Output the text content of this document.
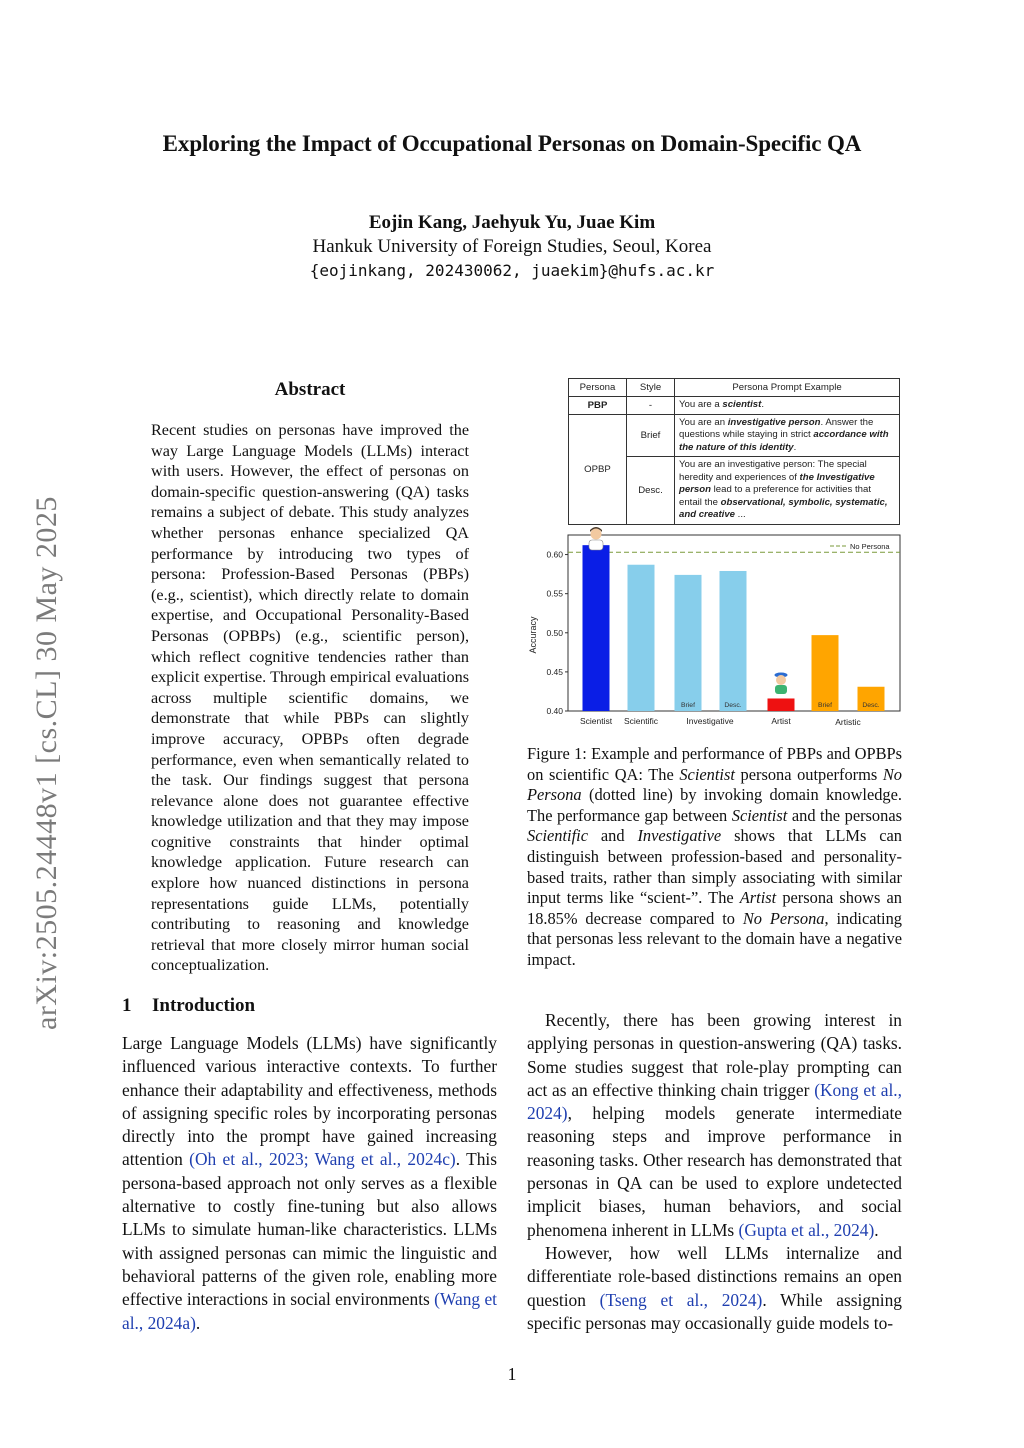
arXiv:2505.24448v1 [cs.CL] 30 May 2025
Exploring the Impact of Occupational Personas on Domain-Specific QA
Eojin Kang, Jaehyuk Yu, Juae Kim
Hankuk University of Foreign Studies, Seoul, Korea
{eojinkang, 202430062, juaekim}@hufs.ac.kr
Abstract
Recent studies on personas have improved the way Large Language Models (LLMs) interact with users. However, the effect of personas on domain-specific question-answering (QA) tasks remains a subject of debate. This study analyzes whether personas enhance specialized QA performance by introducing two types of persona: Profession-Based Personas (PBPs) (e.g., scientist), which directly relate to domain expertise, and Occupational Personality-Based Personas (OPBPs) (e.g., scientific person), which reflect cognitive tendencies rather than explicit expertise. Through empirical evaluations across multiple scientific domains, we demonstrate that while PBPs can slightly improve accuracy, OPBPs often degrade performance, even when semantically related to the task. Our findings suggest that persona relevance alone does not guarantee effective knowledge utilization and that they may impose cognitive constraints that hinder optimal knowledge application. Future research can explore how nuanced distinctions in persona representations guide LLMs, potentially contributing to reasoning and knowledge retrieval that more closely mirror human social conceptualization.
1 Introduction
Large Language Models (LLMs) have significantly influenced various interactive contexts. To further enhance their adaptability and effectiveness, methods of assigning specific roles by incorporating personas directly into the prompt have gained increasing attention (Oh et al., 2023; Wang et al., 2024c). This persona-based approach not only serves as a flexible alternative to costly fine-tuning but also allows LLMs to simulate human-like characteristics. LLMs with assigned personas can mimic the linguistic and behavioral patterns of the given role, enabling more effective interactions in social environments (Wang et al., 2024a).

Recently, there has been growing interest in applying personas in question-answering (QA) tasks. Some studies suggest that role-play prompting can act as an effective thinking chain trigger (Kong et al., 2024), helping models generate intermediate reasoning steps and improve performance in reasoning tasks. Other research has demonstrated that personas in QA can be used to explore undetected implicit biases, human behaviors, and social phenomena inherent in LLMs (Gupta et al., 2024).

However, how well LLMs internalize and differentiate role-based distinctions remains an open question (Tseng et al., 2024). While assigning specific personas may occasionally guide models to-

Persona	Style	Persona Prompt Example
PBP	-	You are a scientist.
OPBP	Brief	You are an investigative person. Answer the questions while staying in strict accordance with the nature of this identity.
	Desc.	You are an investigative person: The special heredity and experiences of the Investigative person lead to a preference for activities that entail the observational, symbolic, systematic, and creative ...
Accuracy
0.40
0.45
0.50
0.55
0.60
Brief	Desc.	Brief	Desc.
Scientist Scientific	Investigative	Artist	Artistic
No Persona
Figure 1: Example and performance of PBPs and OPBPs on scientific QA: The Scientist persona outperforms No Persona (dotted line) by invoking domain knowledge. The performance gap between Scientist and the personas Scientific and Investigative shows that LLMs can distinguish between profession-based and personality-based traits, rather than simply associating with similar input terms like “scient-”. The Artist persona shows an 18.85% decrease compared to No Persona, indicating that personas less relevant to the domain have a negative impact.
1
